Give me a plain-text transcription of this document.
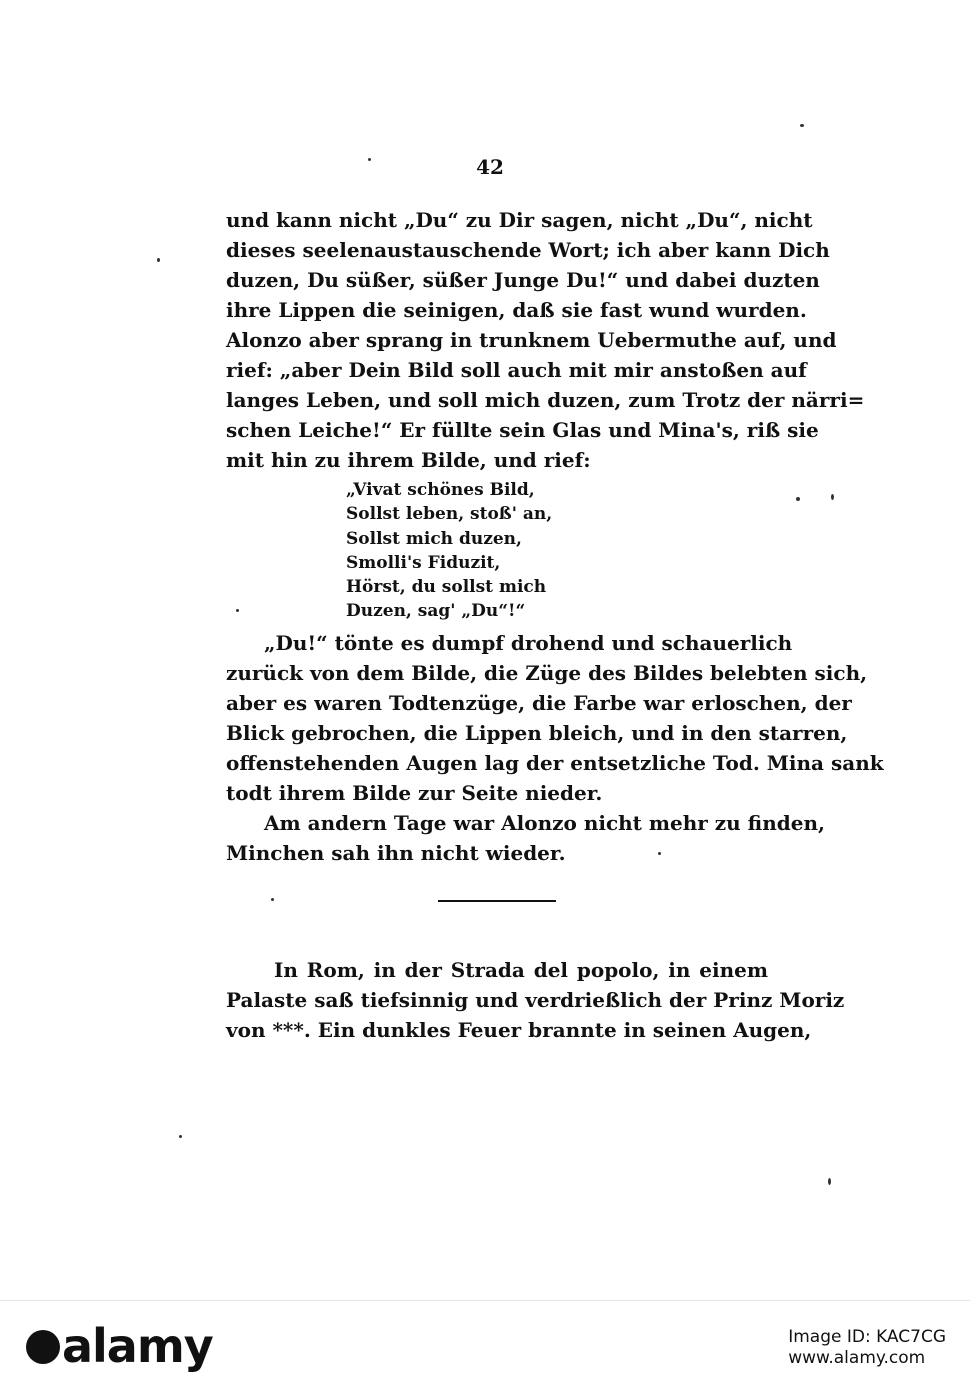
42
und kann nicht „Du“ zu Dir sagen, nicht „Du“, nicht
dieses seelenaustauschende Wort; ich aber kann Dich
duzen, Du süßer, süßer Junge Du!“ und dabei duzten
ihre Lippen die seinigen, daß sie fast wund wurden.
Alonzo aber sprang in trunknem Uebermuthe auf, und
rief: „aber Dein Bild soll auch mit mir anstoßen auf
langes Leben, und soll mich duzen, zum Trotz der närri=
schen Leiche!“ Er füllte sein Glas und Mina's, riß sie
mit hin zu ihrem Bilde, und rief:
„Vivat schönes Bild,
Sollst leben, stoß' an,
Sollst mich duzen,
Smolli's Fiduzit,
Hörst, du sollst mich
Duzen, sag' „Du“!“
„Du!“ tönte es dumpf drohend und schauerlich
zurück von dem Bilde, die Züge des Bildes belebten sich,
aber es waren Todtenzüge, die Farbe war erloschen, der
Blick gebrochen, die Lippen bleich, und in den starren,
offenstehenden Augen lag der entsetzliche Tod. Mina sank
todt ihrem Bilde zur Seite nieder.
Am andern Tage war Alonzo nicht mehr zu finden,
Minchen sah ihn nicht wieder.
In Rom, in der Strada del popolo, in einem
Palaste saß tiefsinnig und verdrießlich der Prinz Moriz
von ***. Ein dunkles Feuer brannte in seinen Augen,
alamy	Image ID: KAC7CG
www.alamy.com
